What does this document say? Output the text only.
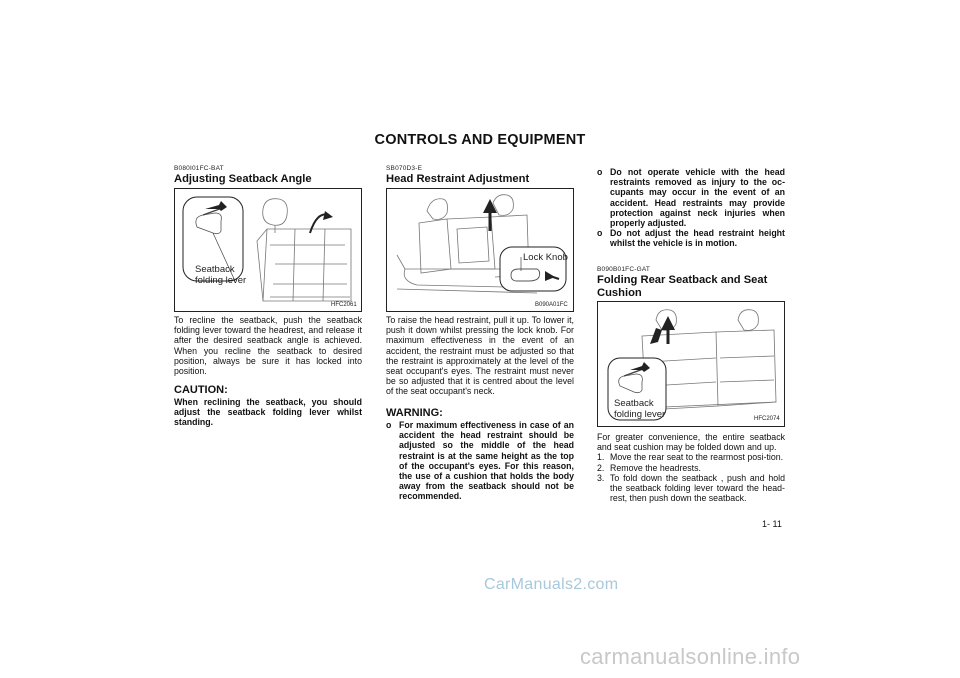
CONTROLS AND EQUIPMENT
B080I01FC-BAT
Adjusting Seatback Angle
Seatback
folding lever
HFC2061
To recline the seatback, push the seatback folding lever toward the headrest, and release it after the desired seatback angle is achieved. When you recline the seatback to desired position, always be sure it has locked into position.
CAUTION:
When reclining the seatback, you should adjust the seatback folding lever whilst standing.
SB070D3-E
Head Restraint Adjustment
Lock Knob
B090A01FC
To raise the head restraint, pull it up. To lower it, push it down whilst pressing the lock knob. For maximum effectiveness in the event of an accident, the restraint must be adjusted so that the restraint is approximately at the level of the seat occupant's eyes. The restraint must never be so adjusted that it is centred about the level of the seat occupant's neck.
WARNING:
o For maximum effectiveness in case of an accident the head restraint should be adjusted so the middle of the head restraint is at the same height as the top of the occupant's eyes. For this reason, the use of a cushion that holds the body away from the seatback should not be recommended.
o Do not operate vehicle with the head restraints removed as injury to the oc-cupants may occur in the event of an accident. Head restraints may provide protection against neck injuries when properly adjusted.
o Do not adjust the head restraint height whilst the vehicle is in motion.
B090B01FC-GAT
Folding Rear Seatback and Seat
Cushion
Seatback
folding lever	HFC2074
For greater convenience, the entire seatback and seat cushion may be folded down and up.
1. Move the rear seat to the rearmost posi-tion.
2. Remove the headrests.
3. To fold down the seatback , push and hold the seatback folding lever toward the head-rest, then push down the seatback.
1- 11
CarManuals2.com
carmanualsonline.info
